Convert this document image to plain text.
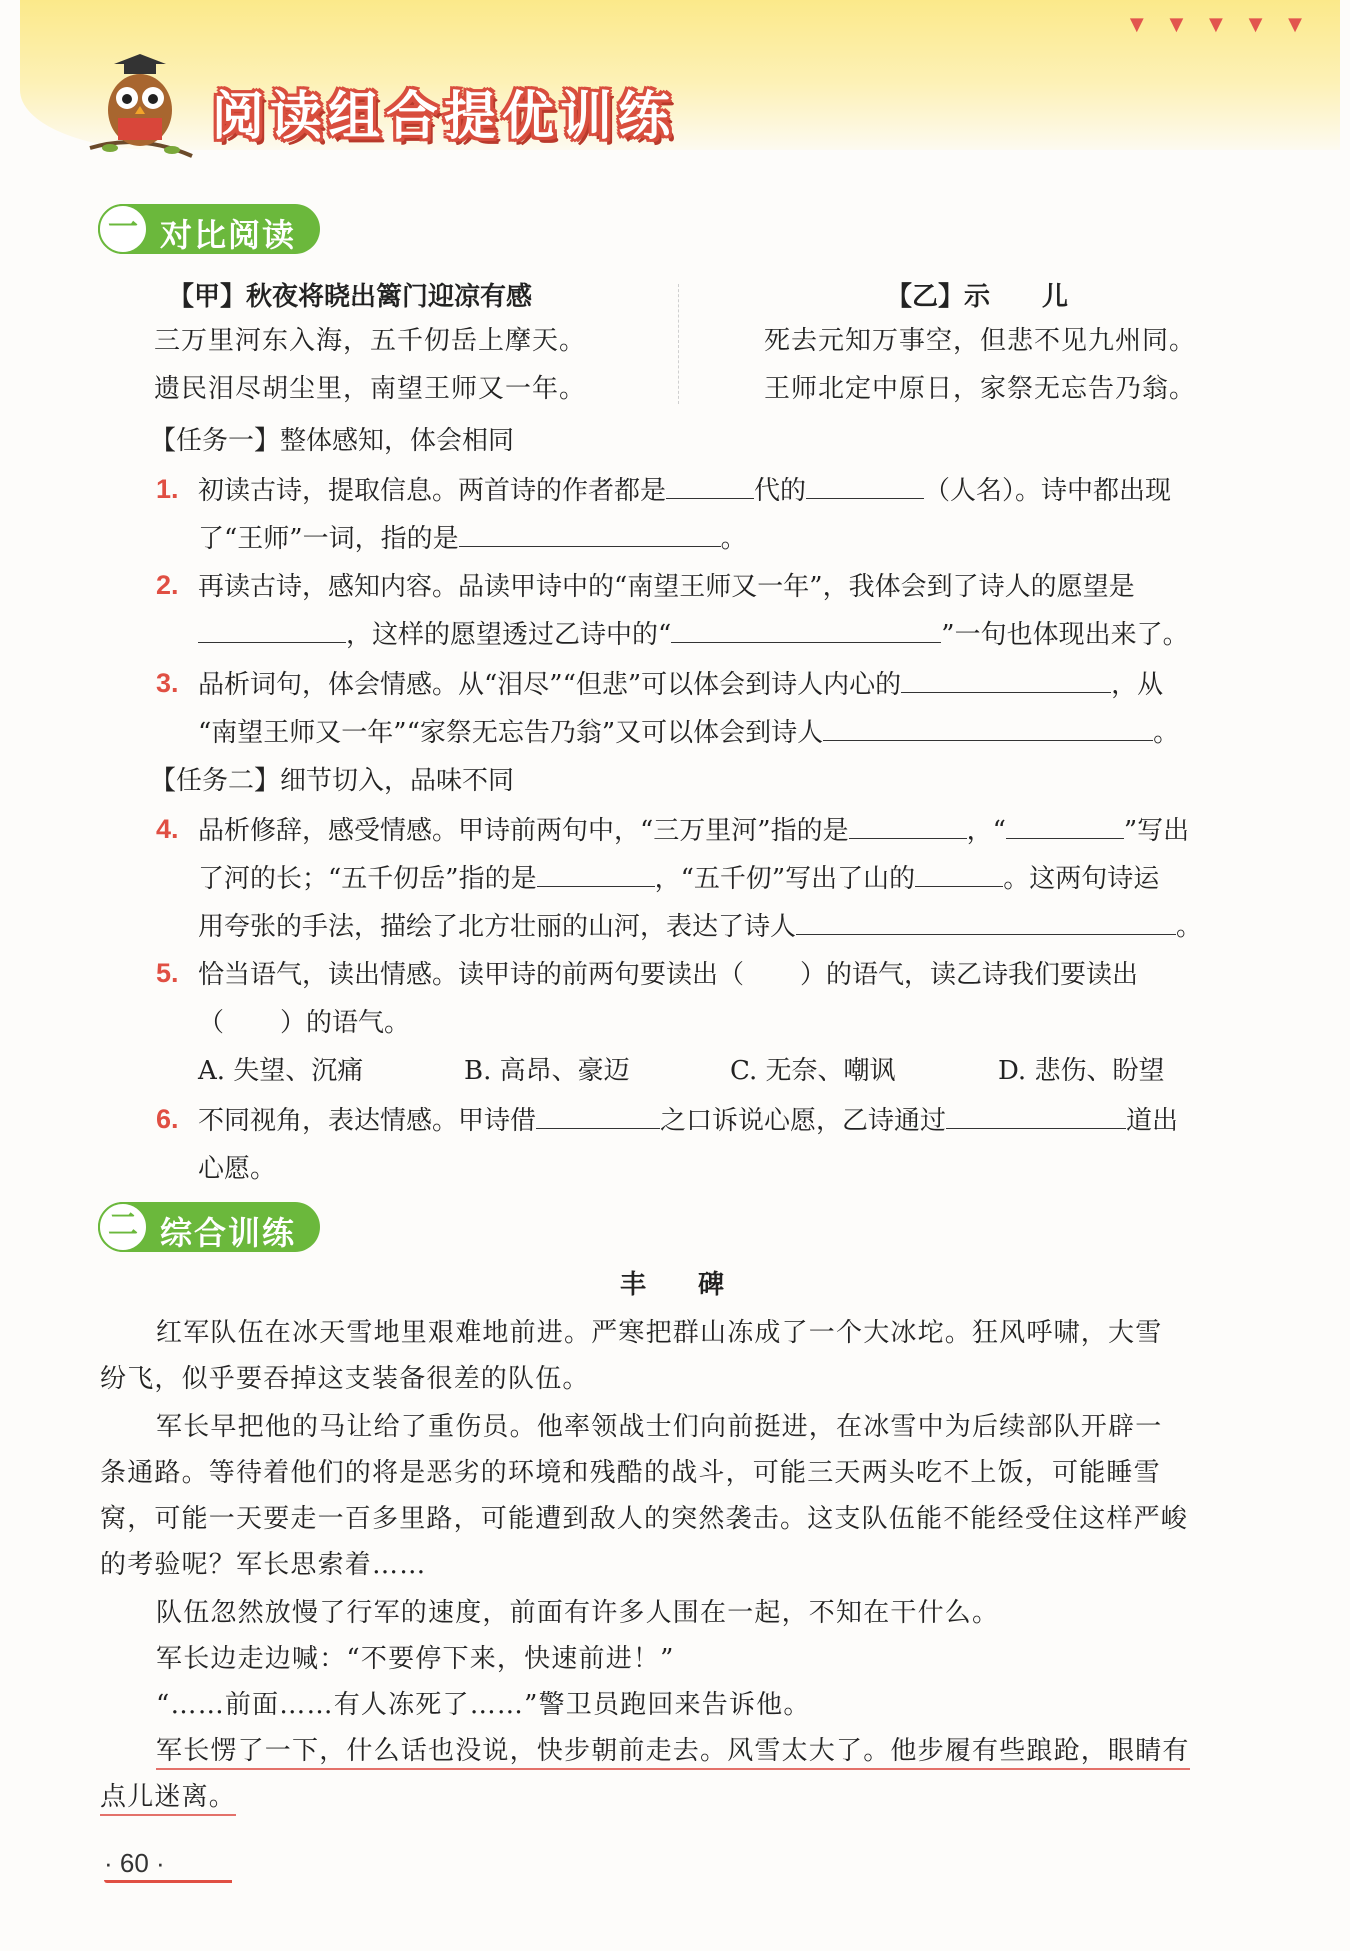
▼ ▼ ▼ ▼ ▼
阅读组合提优训练
一 对比阅读
【甲】秋夜将晓出篱门迎凉有感
三万里河东入海，五千仞岳上摩天。
遗民泪尽胡尘里，南望王师又一年。
【乙】示　　儿
死去元知万事空，但悲不见九州同。
王师北定中原日，家祭无忘告乃翁。
【任务一】整体感知，体会相同
1. 初读古诗，提取信息。两首诗的作者都是	代的	（人名）。诗中都出现
了“王师”一词，指的是	。
2. 再读古诗，感知内容。品读甲诗中的“南望王师又一年”，我体会到了诗人的愿望是
，这样的愿望透过乙诗中的“	”一句也体现出来了。
3. 品析词句，体会情感。从“泪尽”“但悲”可以体会到诗人内心的	，从
“南望王师又一年”“家祭无忘告乃翁”又可以体会到诗人	。
【任务二】细节切入，品味不同
4. 品析修辞，感受情感。甲诗前两句中，“三万里河”指的是	，“	”写出
了河的长；“五千仞岳”指的是	，“五千仞”写出了山的	。这两句诗运
用夸张的手法，描绘了北方壮丽的山河，表达了诗人	。
5. 恰当语气，读出情感。读甲诗的前两句要读出（ ）的语气，读乙诗我们要读出
（ ）的语气。
A. 失望、沉痛	B. 高昂、豪迈	C. 无奈、嘲讽	D. 悲伤、盼望
6. 不同视角，表达情感。甲诗借	之口诉说心愿，乙诗通过	道出
心愿。
二 综合训练
丰　　碑
红军队伍在冰天雪地里艰难地前进。严寒把群山冻成了一个大冰坨。狂风呼啸，大雪
纷飞，似乎要吞掉这支装备很差的队伍。
军长早把他的马让给了重伤员。他率领战士们向前挺进，在冰雪中为后续部队开辟一
条通路。等待着他们的将是恶劣的环境和残酷的战斗，可能三天两头吃不上饭，可能睡雪
窝，可能一天要走一百多里路，可能遭到敌人的突然袭击。这支队伍能不能经受住这样严峻
的考验呢？军长思索着……
队伍忽然放慢了行军的速度，前面有许多人围在一起，不知在干什么。
军长边走边喊：“不要停下来，快速前进！”
“……前面……有人冻死了……”警卫员跑回来告诉他。
军长愣了一下，什么话也没说，快步朝前走去。风雪太大了。他步履有些踉跄，眼睛有
点儿迷离。
· 60 ·
